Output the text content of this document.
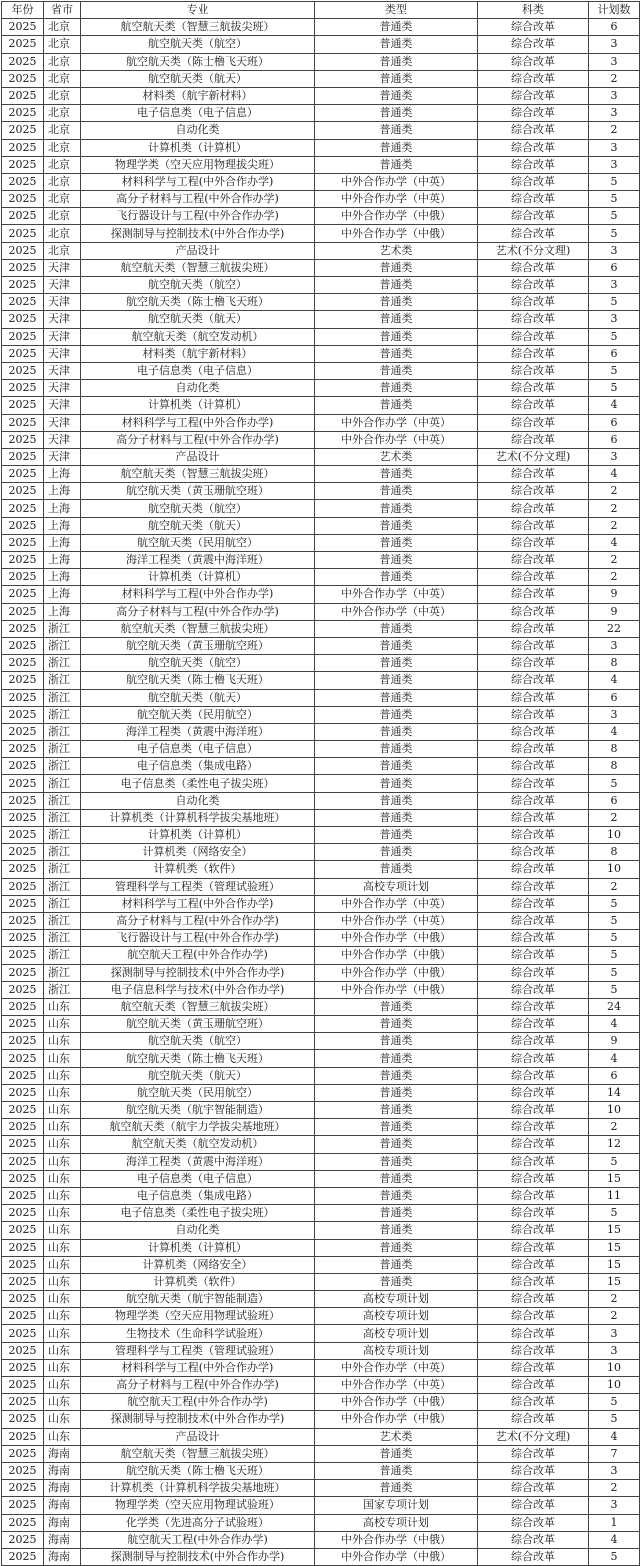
年份	省市	专业	类型	科类	计划数
2025	北京	航空航天类（智慧三航拔尖班）	普通类	综合改革	6
2025	北京	航空航天类（航空）	普通类	综合改革	3
2025	北京	航空航天类（陈士橹飞天班）	普通类	综合改革	3
2025	北京	航空航天类（航天）	普通类	综合改革	2
2025	北京	材料类（航宇新材料）	普通类	综合改革	3
2025	北京	电子信息类（电子信息）	普通类	综合改革	3
2025	北京	自动化类	普通类	综合改革	2
2025	北京	计算机类（计算机）	普通类	综合改革	3
2025	北京	物理学类（空天应用物理拔尖班）	普通类	综合改革	3
2025	北京	材料科学与工程(中外合作办学)	中外合作办学（中英）	综合改革	5
2025	北京	高分子材料与工程(中外合作办学)	中外合作办学（中英）	综合改革	5
2025	北京	飞行器设计与工程(中外合作办学)	中外合作办学（中俄）	综合改革	5
2025	北京	探测制导与控制技术(中外合作办学)	中外合作办学（中俄）	综合改革	5
2025	北京	产品设计	艺术类	艺术(不分文理)	3
2025	天津	航空航天类（智慧三航拔尖班）	普通类	综合改革	6
2025	天津	航空航天类（航空）	普通类	综合改革	3
2025	天津	航空航天类（陈士橹飞天班）	普通类	综合改革	5
2025	天津	航空航天类（航天）	普通类	综合改革	3
2025	天津	航空航天类（航空发动机）	普通类	综合改革	5
2025	天津	材料类（航宇新材料）	普通类	综合改革	6
2025	天津	电子信息类（电子信息）	普通类	综合改革	5
2025	天津	自动化类	普通类	综合改革	5
2025	天津	计算机类（计算机）	普通类	综合改革	4
2025	天津	材料科学与工程(中外合作办学)	中外合作办学（中英）	综合改革	6
2025	天津	高分子材料与工程(中外合作办学)	中外合作办学（中英）	综合改革	6
2025	天津	产品设计	艺术类	艺术(不分文理)	3
2025	上海	航空航天类（智慧三航拔尖班）	普通类	综合改革	4
2025	上海	航空航天类（黄玉珊航空班）	普通类	综合改革	2
2025	上海	航空航天类（航空）	普通类	综合改革	2
2025	上海	航空航天类（航天）	普通类	综合改革	2
2025	上海	航空航天类（民用航空）	普通类	综合改革	4
2025	上海	海洋工程类（黄震中海洋班）	普通类	综合改革	2
2025	上海	计算机类（计算机）	普通类	综合改革	2
2025	上海	材料科学与工程(中外合作办学)	中外合作办学（中英）	综合改革	9
2025	上海	高分子材料与工程(中外合作办学)	中外合作办学（中英）	综合改革	9
2025	浙江	航空航天类（智慧三航拔尖班）	普通类	综合改革	22
2025	浙江	航空航天类（黄玉珊航空班）	普通类	综合改革	3
2025	浙江	航空航天类（航空）	普通类	综合改革	8
2025	浙江	航空航天类（陈士橹飞天班）	普通类	综合改革	4
2025	浙江	航空航天类（航天）	普通类	综合改革	6
2025	浙江	航空航天类（民用航空）	普通类	综合改革	3
2025	浙江	海洋工程类（黄震中海洋班）	普通类	综合改革	4
2025	浙江	电子信息类（电子信息）	普通类	综合改革	8
2025	浙江	电子信息类（集成电路）	普通类	综合改革	8
2025	浙江	电子信息类（柔性电子拔尖班）	普通类	综合改革	5
2025	浙江	自动化类	普通类	综合改革	6
2025	浙江	计算机类（计算机科学拔尖基地班）	普通类	综合改革	2
2025	浙江	计算机类（计算机）	普通类	综合改革	10
2025	浙江	计算机类（网络安全）	普通类	综合改革	8
2025	浙江	计算机类（软件）	普通类	综合改革	10
2025	浙江	管理科学与工程类（管理试验班）	高校专项计划	综合改革	2
2025	浙江	材料科学与工程(中外合作办学)	中外合作办学（中英）	综合改革	5
2025	浙江	高分子材料与工程(中外合作办学)	中外合作办学（中英）	综合改革	5
2025	浙江	飞行器设计与工程(中外合作办学)	中外合作办学（中俄）	综合改革	5
2025	浙江	航空航天工程(中外合作办学)	中外合作办学（中俄）	综合改革	5
2025	浙江	探测制导与控制技术(中外合作办学)	中外合作办学（中俄）	综合改革	5
2025	浙江	电子信息科学与技术(中外合作办学)	中外合作办学（中俄）	综合改革	5
2025	山东	航空航天类（智慧三航拔尖班）	普通类	综合改革	24
2025	山东	航空航天类（黄玉珊航空班）	普通类	综合改革	4
2025	山东	航空航天类（航空）	普通类	综合改革	9
2025	山东	航空航天类（陈士橹飞天班）	普通类	综合改革	4
2025	山东	航空航天类（航天）	普通类	综合改革	6
2025	山东	航空航天类（民用航空）	普通类	综合改革	14
2025	山东	航空航天类（航宇智能制造）	普通类	综合改革	10
2025	山东	航空航天类（航宇力学拔尖基地班）	普通类	综合改革	2
2025	山东	航空航天类（航空发动机）	普通类	综合改革	12
2025	山东	海洋工程类（黄震中海洋班）	普通类	综合改革	5
2025	山东	电子信息类（电子信息）	普通类	综合改革	15
2025	山东	电子信息类（集成电路）	普通类	综合改革	11
2025	山东	电子信息类（柔性电子拔尖班）	普通类	综合改革	5
2025	山东	自动化类	普通类	综合改革	15
2025	山东	计算机类（计算机）	普通类	综合改革	15
2025	山东	计算机类（网络安全）	普通类	综合改革	15
2025	山东	计算机类（软件）	普通类	综合改革	15
2025	山东	航空航天类（航宇智能制造）	高校专项计划	综合改革	2
2025	山东	物理学类（空天应用物理试验班）	高校专项计划	综合改革	2
2025	山东	生物技术（生命科学试验班）	高校专项计划	综合改革	3
2025	山东	管理科学与工程类（管理试验班）	高校专项计划	综合改革	3
2025	山东	材料科学与工程(中外合作办学)	中外合作办学（中英）	综合改革	10
2025	山东	高分子材料与工程(中外合作办学)	中外合作办学（中英）	综合改革	10
2025	山东	航空航天工程(中外合作办学)	中外合作办学（中俄）	综合改革	5
2025	山东	探测制导与控制技术(中外合作办学)	中外合作办学（中俄）	综合改革	5
2025	山东	产品设计	艺术类	艺术(不分文理)	4
2025	海南	航空航天类（智慧三航拔尖班）	普通类	综合改革	7
2025	海南	航空航天类（陈士橹飞天班）	普通类	综合改革	3
2025	海南	计算机类（计算机科学拔尖基地班）	普通类	综合改革	2
2025	海南	物理学类（空天应用物理试验班）	国家专项计划	综合改革	3
2025	海南	化学类（先进高分子试验班）	高校专项计划	综合改革	1
2025	海南	航空航天工程(中外合作办学)	中外合作办学（中俄）	综合改革	4
2025	海南	探测制导与控制技术(中外合作办学)	中外合作办学（中俄）	综合改革	5
